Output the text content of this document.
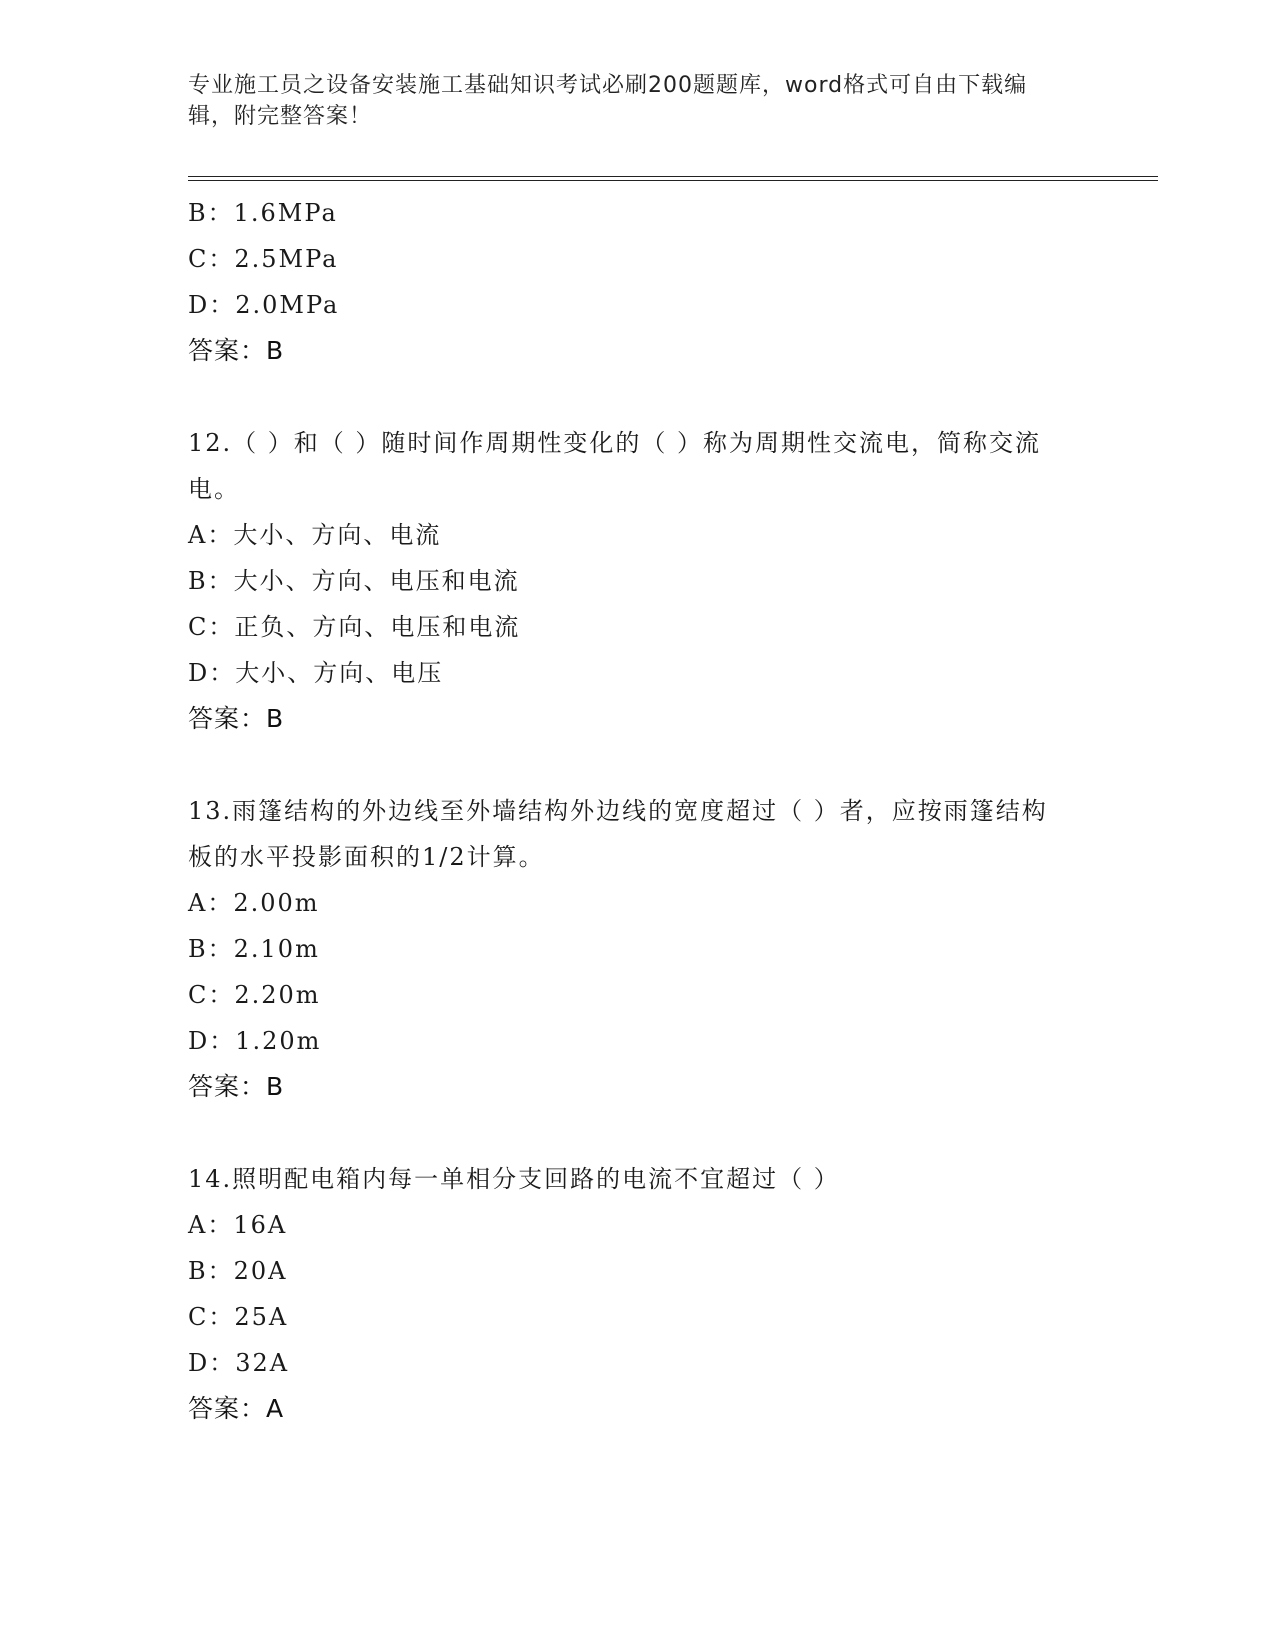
专业施工员之设备安装施工基础知识考试必刷200题题库，word格式可自由下载编辑，附完整答案！
B：1.6MPa
C：2.5MPa
D：2.0MPa
答案：B
12.（ ）和（ ）随时间作周期性变化的（ ）称为周期性交流电，简称交流电。
A：大小、方向、电流
B：大小、方向、电压和电流
C：正负、方向、电压和电流
D：大小、方向、电压
答案：B
13.雨篷结构的外边线至外墙结构外边线的宽度超过（ ）者，应按雨篷结构板的水平投影面积的1/2计算。
A：2.00m
B：2.10m
C：2.20m
D：1.20m
答案：B
14.照明配电箱内每一单相分支回路的电流不宜超过（ ）
A：16A
B：20A
C：25A
D：32A
答案：A
